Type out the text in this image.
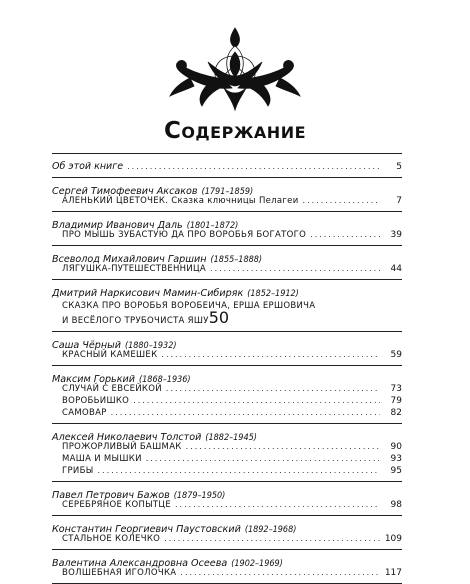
Содержание
Об этой книге .....	5
Сергей Тимофеевич Аксаков (1791–1859)
АЛЕНЬКИЙ ЦВЕТОЧЕК. Сказка ключницы Пелагеи .....	7
Владимир Иванович Даль (1801–1872)
ПРО МЫШЬ ЗУБАСТУЮ ДА ПРО ВОРОБЬЯ БОГАТОГО .....	39
Всеволод Михайлович Гаршин (1855–1888)
ЛЯГУШКА-ПУТЕШЕСТВЕННИЦА .....	44
Дмитрий Наркисович Мамин-Сибиряк (1852–1912)
СКАЗКА ПРО ВОРОБЬЯ ВОРОБЕИЧА, ЕРША ЕРШОВИЧА
И ВЕСЁЛОГО ТРУБОЧИСТА ЯШУ 50
Саша Чёрный (1880–1932)
КРАСНЫЙ КАМЕШЕК .....	59
Максим Горький (1868–1936)
СЛУЧАЙ С ЕВСЕЙКОЙ .....	73
ВОРОБЬИШКО .....	79
САМОВАР .....	82
Алексей Николаевич Толстой (1882–1945)
ПРОЖОРЛИВЫЙ БАШМАК .....	90
МАША И МЫШКИ .....	93
ГРИБЫ .....	95
Павел Петрович Бажов (1879–1950)
СЕРЕБРЯНОЕ КОПЫТЦЕ .....	98
Константин Георгиевич Паустовский (1892–1968)
СТАЛЬНОЕ КОЛЕЧКО .....	109
Валентина Александровна Осеева (1902–1969)
ВОЛШЕБНАЯ ИГОЛОЧКА .....	117
